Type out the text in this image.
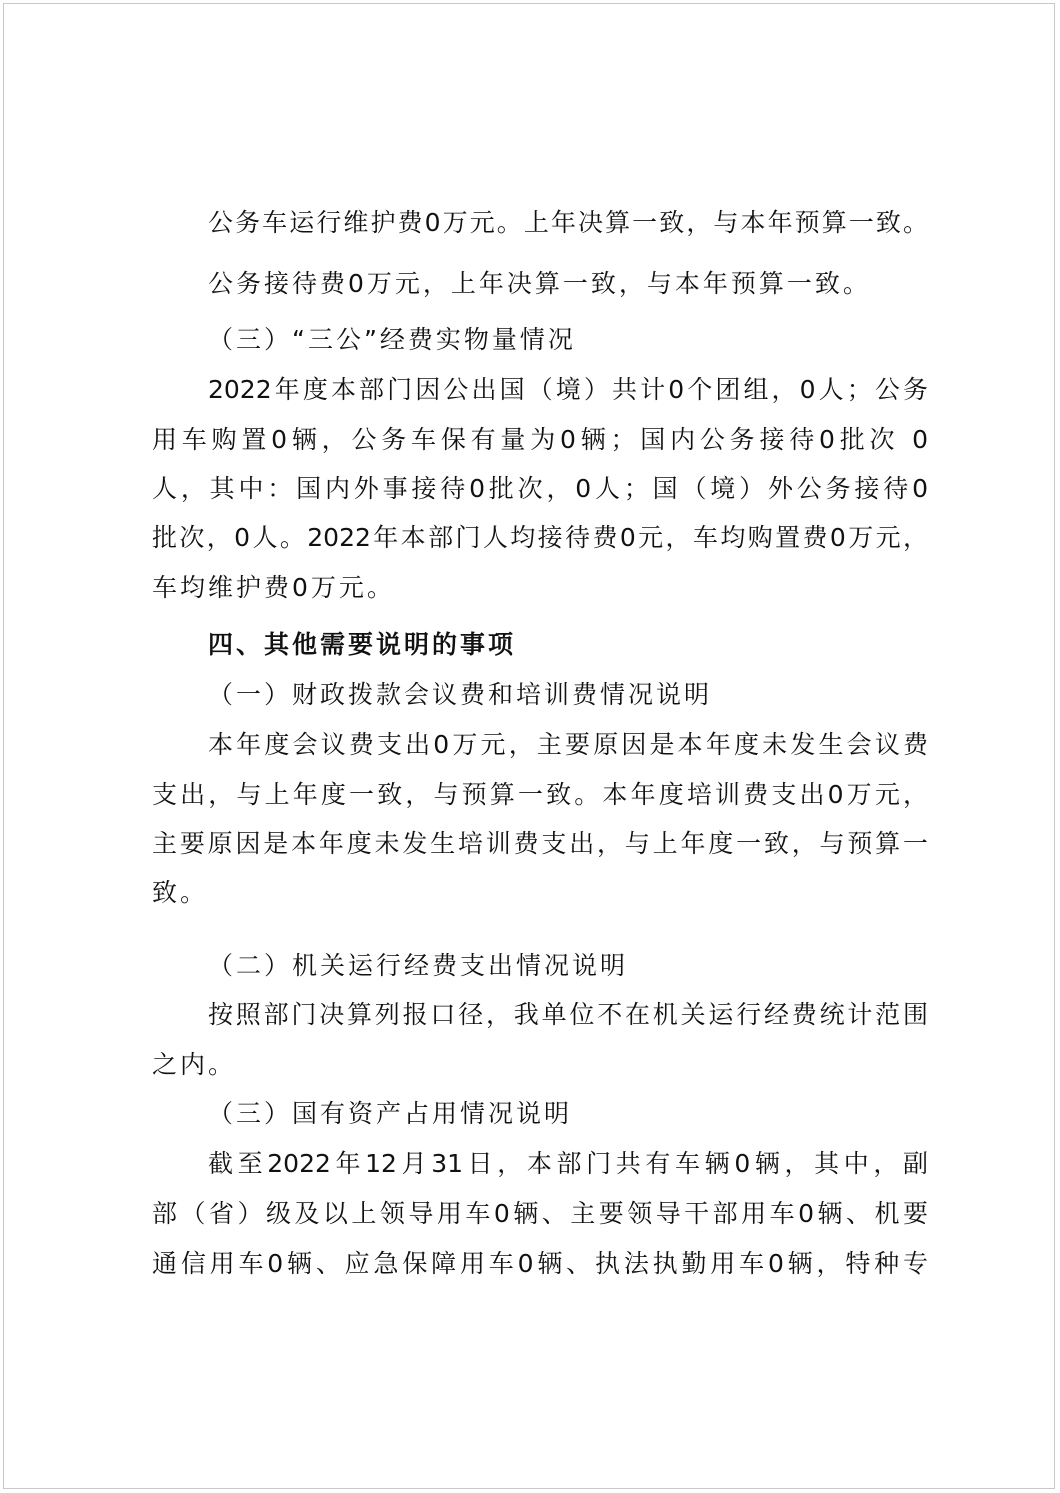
公务车运行维护费0万元。上年决算一致，与本年预算一致。

公务接待费0万元，上年决算一致，与本年预算一致。

（三）“三公”经费实物量情况

2022年度本部门因公出国（境）共计0个团组，0人；公务

用车购置0辆，公务车保有量为0辆；国内公务接待0批次 0

人，其中：国内外事接待0批次，0人；国（境）外公务接待0

批次，0人。2022年本部门人均接待费0元，车均购置费0万元，

车均维护费0万元。

四、其他需要说明的事项

（一）财政拨款会议费和培训费情况说明

本年度会议费支出0万元，主要原因是本年度未发生会议费

支出，与上年度一致，与预算一致。本年度培训费支出0万元，

主要原因是本年度未发生培训费支出，与上年度一致，与预算一

致。

（二）机关运行经费支出情况说明

按照部门决算列报口径，我单位不在机关运行经费统计范围

之内。

（三）国有资产占用情况说明

截至2022年12月31日，本部门共有车辆0辆，其中，副

部（省）级及以上领导用车0辆、主要领导干部用车0辆、机要

通信用车0辆、应急保障用车0辆、执法执勤用车0辆，特种专
